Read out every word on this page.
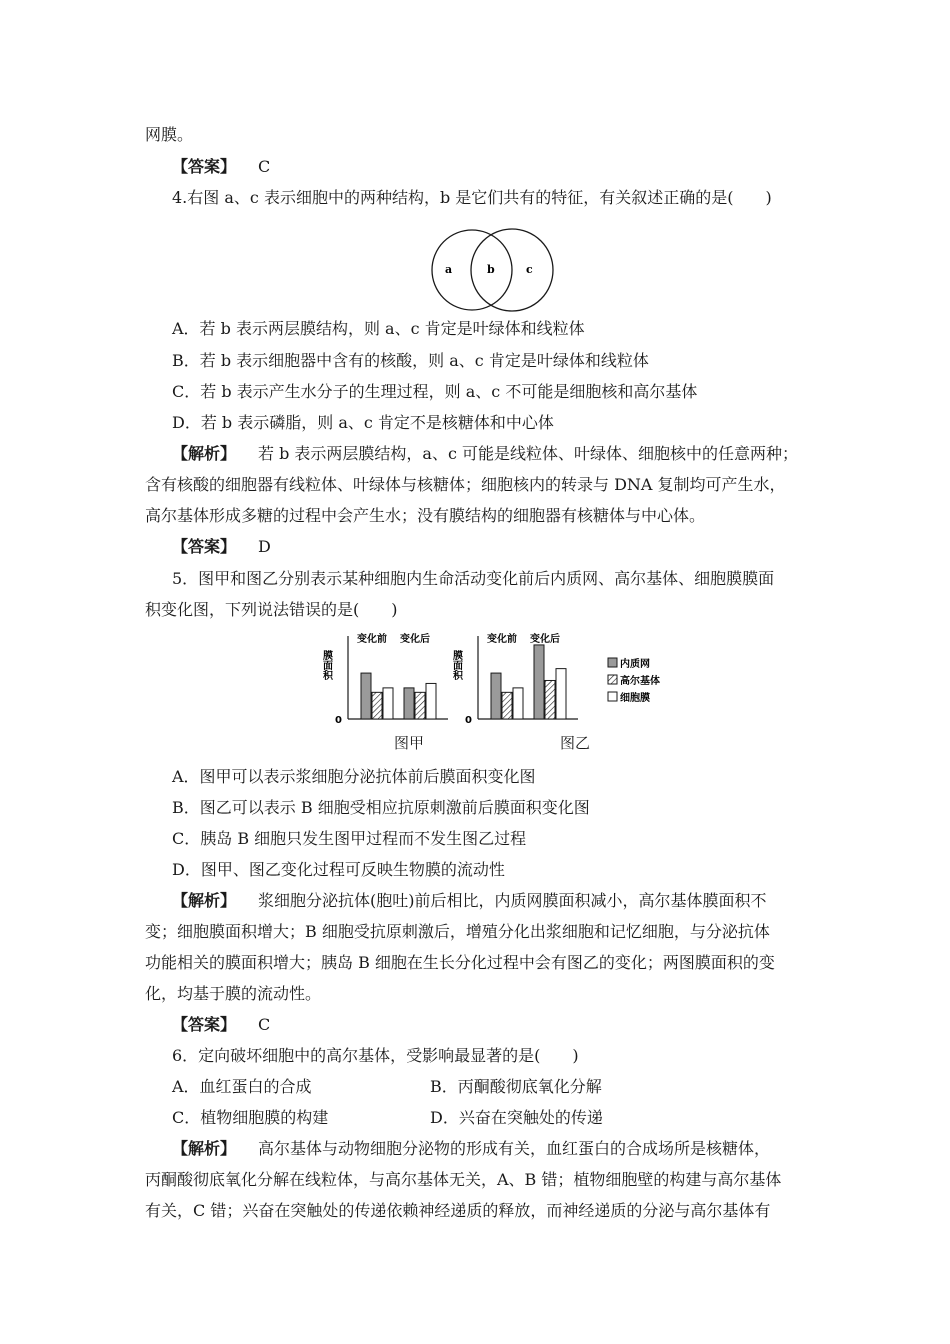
网膜。
【答案】 C
4.右图 a、c 表示细胞中的两种结构，b 是它们共有的特征，有关叙述正确的是(　　)
a	b	c
A．若 b 表示两层膜结构，则 a、c 肯定是叶绿体和线粒体
B．若 b 表示细胞器中含有的核酸，则 a、c 肯定是叶绿体和线粒体
C．若 b 表示产生水分子的生理过程，则 a、c 不可能是细胞核和高尔基体
D．若 b 表示磷脂，则 a、c 肯定不是核糖体和中心体
【解析】 若 b 表示两层膜结构，a、c 可能是线粒体、叶绿体、细胞核中的任意两种；
含有核酸的细胞器有线粒体、叶绿体与核糖体；细胞核内的转录与 DNA 复制均可产生水，
高尔基体形成多糖的过程中会产生水；没有膜结构的细胞器有核糖体与中心体。
【答案】 D
5．图甲和图乙分别表示某种细胞内生命活动变化前后内质网、高尔基体、细胞膜膜面
积变化图，下列说法错误的是(　　)
膜面积
0
变化前 变化后
膜面积
0
变化前 变化后
内质网
高尔基体
细胞膜
图甲	图乙
A．图甲可以表示浆细胞分泌抗体前后膜面积变化图
B．图乙可以表示 B 细胞受相应抗原刺激前后膜面积变化图
C．胰岛 B 细胞只发生图甲过程而不发生图乙过程
D．图甲、图乙变化过程可反映生物膜的流动性
【解析】 浆细胞分泌抗体(胞吐)前后相比，内质网膜面积减小，高尔基体膜面积不
变；细胞膜面积增大；B 细胞受抗原刺激后，增殖分化出浆细胞和记忆细胞，与分泌抗体
功能相关的膜面积增大；胰岛 B 细胞在生长分化过程中会有图乙的变化；两图膜面积的变
化，均基于膜的流动性。
【答案】 C
6．定向破坏细胞中的高尔基体，受影响最显著的是(　　)
A．血红蛋白的合成	B．丙酮酸彻底氧化分解
C．植物细胞膜的构建	D．兴奋在突触处的传递
【解析】 高尔基体与动物细胞分泌物的形成有关，血红蛋白的合成场所是核糖体，
丙酮酸彻底氧化分解在线粒体，与高尔基体无关，A、B 错；植物细胞壁的构建与高尔基体
有关，C 错；兴奋在突触处的传递依赖神经递质的释放，而神经递质的分泌与高尔基体有
